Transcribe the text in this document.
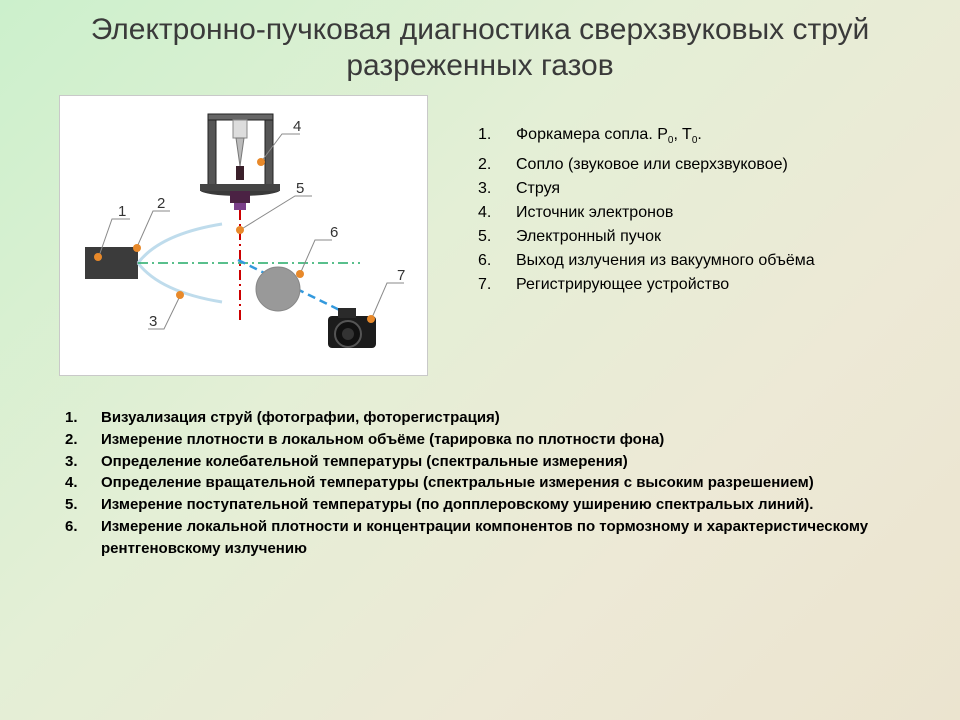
Электронно-пучковая диагностика сверхзвуковых струй
разреженных газов
1 2
3
4
5
6
7
1.	Форкамера сопла. $P_0$, $T_0$.
2.	Сопло (звуковое или сверхзвуковое)
3.	Струя
4.	Источник электронов
5.	Электронный пучок
6.	Выход излучения из вакуумного объёма
7.	Регистрирующее устройство
1.	Визуализация струй (фотографии, фоторегистрация)
2.	Измерение плотности в локальном объёме (тарировка по плотности фона)
3.	Определение колебательной температуры (спектральные измерения)
4.	Определение вращательной температуры (спектральные измерения с высоким разрешением)
5.	Измерение поступательной температуры (по допплеровскому уширению спектральых линий).
6.	Измерение локальной плотности и концентрации компонентов по тормозному и характеристическому рентгеновскому излучению
